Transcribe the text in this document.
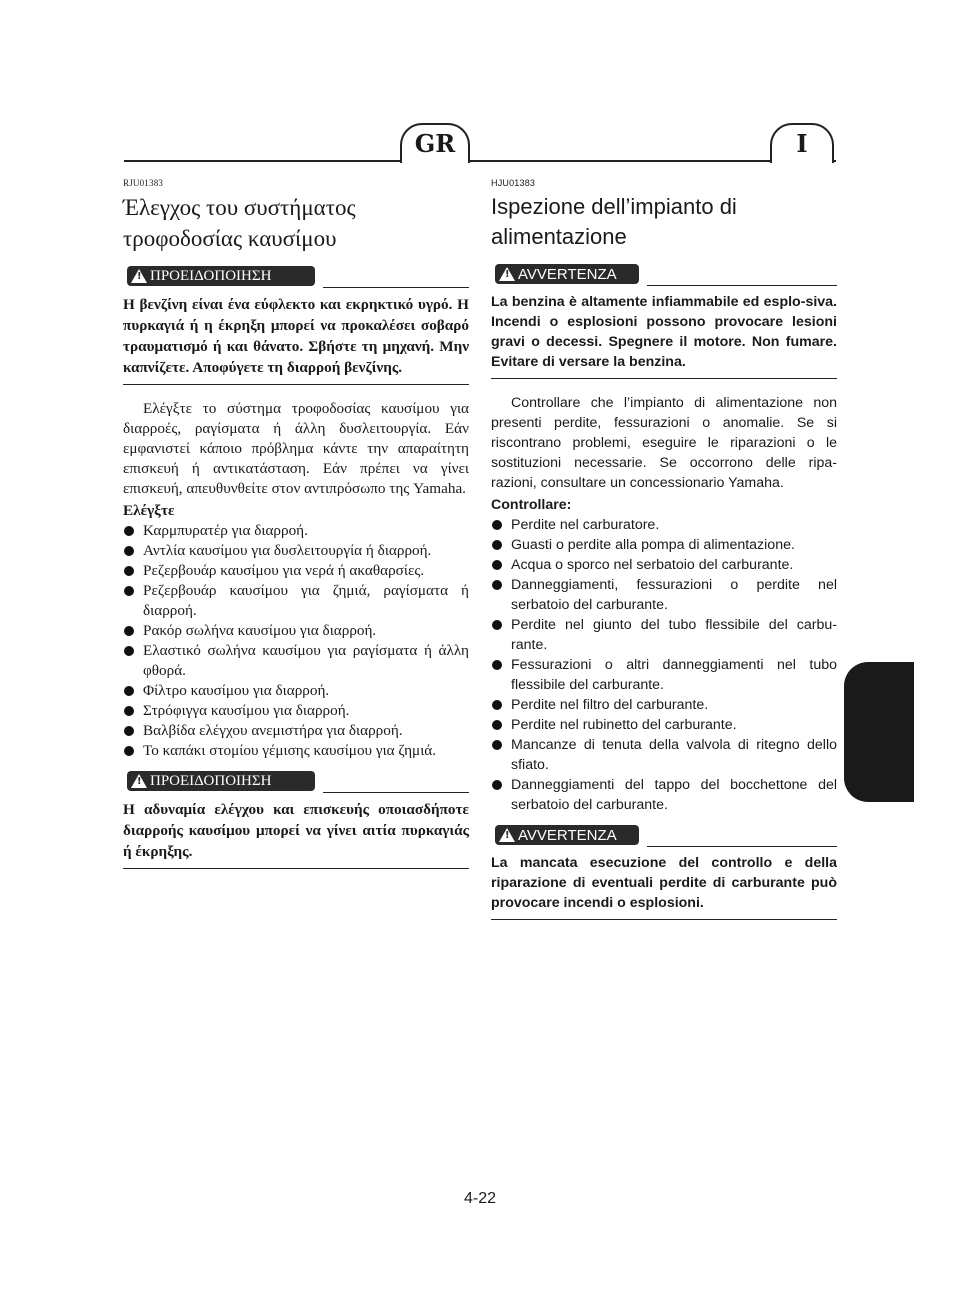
GR	I
RJU01383
Έλεγχος του συστήματος τροφοδοσίας καυσίμου
!
ΠΡΟΕΙΔΟΠΟΙΗΣΗ
Η βενζίνη είναι ένα εύφλεκτο και εκρηκτικό υγρό. Η πυρκαγιά ή η έκρηξη μπορεί να προκαλέσει σοβαρό τραυματισμό ή και θάνατο. Σβήστε τη μηχανή. Μην καπνίζετε. Αποφύγετε τη διαρροή βενζίνης.
Ελέγξτε το σύστημα τροφοδοσίας καυσίμου για διαρροές, ραγίσματα ή άλλη δυσλειτουργία. Εάν εμφανιστεί κάποιο πρόβλημα κάντε την απαραίτητη επισκευή ή αντικατάσταση. Εάν πρέπει να γίνει επισκευή, απευθυνθείτε στον αντιπρόσωπο της Yamaha.
Ελέγξτε
Καρμπυρατέρ για διαρροή.
Αντλία καυσίμου για δυσλειτουργία ή διαρροή.
Ρεζερβουάρ καυσίμου για νερά ή ακαθαρσίες.
Ρεζερβουάρ καυσίμου για ζημιά, ραγίσματα ή διαρροή.
Ρακόρ σωλήνα καυσίμου για διαρροή.
Ελαστικό σωλήνα καυσίμου για ραγίσματα ή άλλη φθορά.
Φίλτρο καυσίμου για διαρροή.
Στρόφιγγα καυσίμου για διαρροή.
Βαλβίδα ελέγχου ανεμιστήρα για διαρροή.
Το καπάκι στομίου γέμισης καυσίμου για ζημιά.
!
ΠΡΟΕΙΔΟΠΟΙΗΣΗ
Η αδυναμία ελέγχου και επισκευής οποιασδήποτε διαρροής καυσίμου μπορεί να γίνει αιτία πυρκαγιάς ή έκρηξης.
HJU01383
Ispezione dell’impianto di alimentazione
!
AVVERTENZA
La benzina è altamente infiammabile ed esplo-siva. Incendi o esplosioni possono provocare lesioni gravi o decessi. Spegnere il motore. Non fumare. Evitare di versare la benzina.
Controllare che l’impianto di alimentazione non presenti perdite, fessurazioni o anomalie. Se si riscontrano problemi, eseguire le riparazioni o le sostituzioni necessarie. Se occorrono delle ripa-razioni, consultare un concessionario Yamaha.
Controllare:
Perdite nel carburatore.
Guasti o perdite alla pompa di alimentazione.
Acqua o sporco nel serbatoio del carburante.
Danneggiamenti, fessurazioni o perdite nel serbatoio del carburante.
Perdite nel giunto del tubo flessibile del carbu-rante.
Fessurazioni o altri danneggiamenti nel tubo flessibile del carburante.
Perdite nel filtro del carburante.
Perdite nel rubinetto del carburante.
Mancanze di tenuta della valvola di ritegno dello sfiato.
Danneggiamenti del tappo del bocchettone del serbatoio del carburante.
!
AVVERTENZA
La mancata esecuzione del controllo e della riparazione di eventuali perdite di carburante può provocare incendi o esplosioni.
4-22
